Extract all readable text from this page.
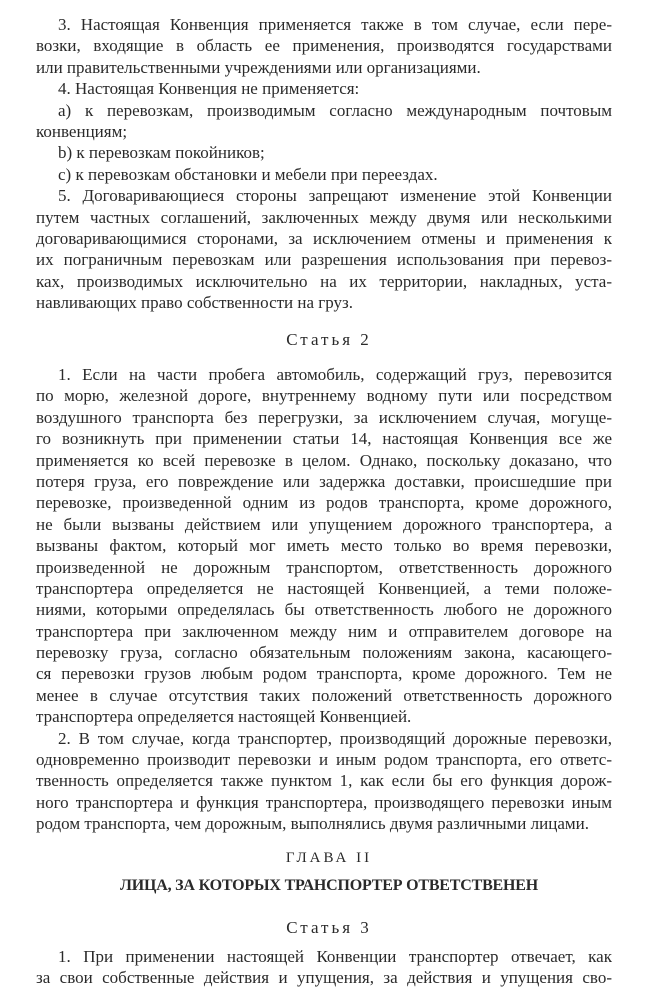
3. Настоящая Конвенция применяется также в том случае, если пере-
возки, входящие в область ее применения, производятся государствами
или правительственными учреждениями или организациями.
4. Настоящая Конвенция не применяется:
а) к перевозкам, производимым согласно международным почтовым
конвенциям;
b) к перевозкам покойников;
с) к перевозкам обстановки и мебели при переездах.
5. Договаривающиеся стороны запрещают изменение этой Конвенции
путем частных соглашений, заключенных между двумя или несколькими
договаривающимися сторонами, за исключением отмены и применения к
их пограничным перевозкам или разрешения использования при перевоз-
ках, производимых исключительно на их территории, накладных, уста-
навливающих право собственности на груз.
Статья 2
1. Если на части пробега автомобиль, содержащий груз, перевозится
по морю, железной дороге, внутреннему водному пути или посредством
воздушного транспорта без перегрузки, за исключением случая, могуще-
го возникнуть при применении статьи 14, настоящая Конвенция все же
применяется ко всей перевозке в целом. Однако, поскольку доказано, что
потеря груза, его повреждение или задержка доставки, происшедшие при
перевозке, произведенной одним из родов транспорта, кроме дорожного,
не были вызваны действием или упущением дорожного транспортера, а
вызваны фактом, который мог иметь место только во время перевозки,
произведенной не дорожным транспортом, ответственность дорожного
транспортера определяется не настоящей Конвенцией, а теми положе-
ниями, которыми определялась бы ответственность любого не дорожного
транспортера при заключенном между ним и отправителем договоре на
перевозку груза, согласно обязательным положениям закона, касающего-
ся перевозки грузов любым родом транспорта, кроме дорожного. Тем не
менее в случае отсутствия таких положений ответственность дорожного
транспортера определяется настоящей Конвенцией.
2. В том случае, когда транспортер, производящий дорожные перевозки,
одновременно производит перевозки и иным родом транспорта, его ответс-
твенность определяется также пунктом 1, как если бы его функция дорож-
ного транспортера и функция транспортера, производящего перевозки иным
родом транспорта, чем дорожным, выполнялись двумя различными лицами.
ГЛАВА II
ЛИЦА, ЗА КОТОРЫХ ТРАНСПОРТЕР ОТВЕТСТВЕНЕН
Статья 3
1. При применении настоящей Конвенции транспортер отвечает, как
за свои собственные действия и упущения, за действия и упущения сво-
